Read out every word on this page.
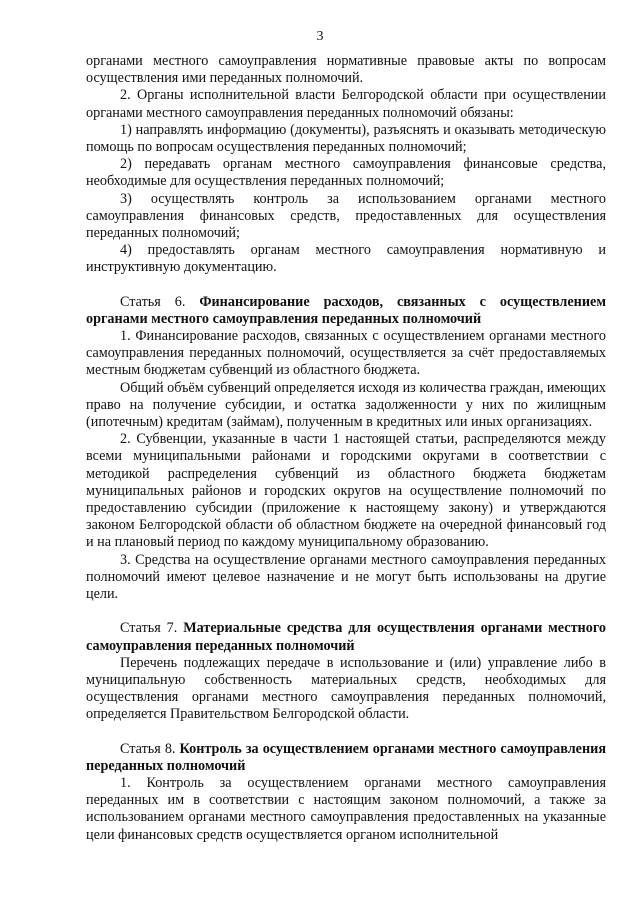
3

органами местного самоуправления нормативные правовые акты по вопросам осуществления ими переданных полномочий.

2. Органы исполнительной власти Белгородской области при осуществлении органами местного самоуправления переданных полномочий обязаны:

1) направлять информацию (документы), разъяснять и оказывать методическую помощь по вопросам осуществления переданных полномочий;

2) передавать органам местного самоуправления финансовые средства, необходимые для осуществления переданных полномочий;

3) осуществлять контроль за использованием органами местного самоуправления финансовых средств, предоставленных для осуществления переданных полномочий;

4) предоставлять органам местного самоуправления нормативную и инструктивную документацию.

Статья 6. Финансирование расходов, связанных с осуществлением органами местного самоуправления переданных полномочий

1. Финансирование расходов, связанных с осуществлением органами местного самоуправления переданных полномочий, осуществляется за счёт предоставляемых местным бюджетам субвенций из областного бюджета.

Общий объём субвенций определяется исходя из количества граждан, имеющих право на получение субсидии, и остатка задолженности у них по жилищным (ипотечным) кредитам (займам), полученным в кредитных или иных организациях.

2. Субвенции, указанные в части 1 настоящей статьи, распределяются между всеми муниципальными районами и городскими округами в соответствии с методикой распределения субвенций из областного бюджета бюджетам муниципальных районов и городских округов на осуществление полномочий по предоставлению субсидии (приложение к настоящему закону) и утверждаются законом Белгородской области об областном бюджете на очередной финансовый год и на плановый период по каждому муниципальному образованию.

3. Средства на осуществление органами местного самоуправления переданных полномочий имеют целевое назначение и не могут быть использованы на другие цели.

Статья 7. Материальные средства для осуществления органами местного самоуправления переданных полномочий

Перечень подлежащих передаче в использование и (или) управление либо в муниципальную собственность материальных средств, необходимых для осуществления органами местного самоуправления переданных полномочий, определяется Правительством Белгородской области.

Статья 8. Контроль за осуществлением органами местного самоуправления переданных полномочий

1. Контроль за осуществлением органами местного самоуправления переданных им в соответствии с настоящим законом полномочий, а также за использованием органами местного самоуправления предоставленных на указанные цели финансовых средств осуществляется органом исполнительной
